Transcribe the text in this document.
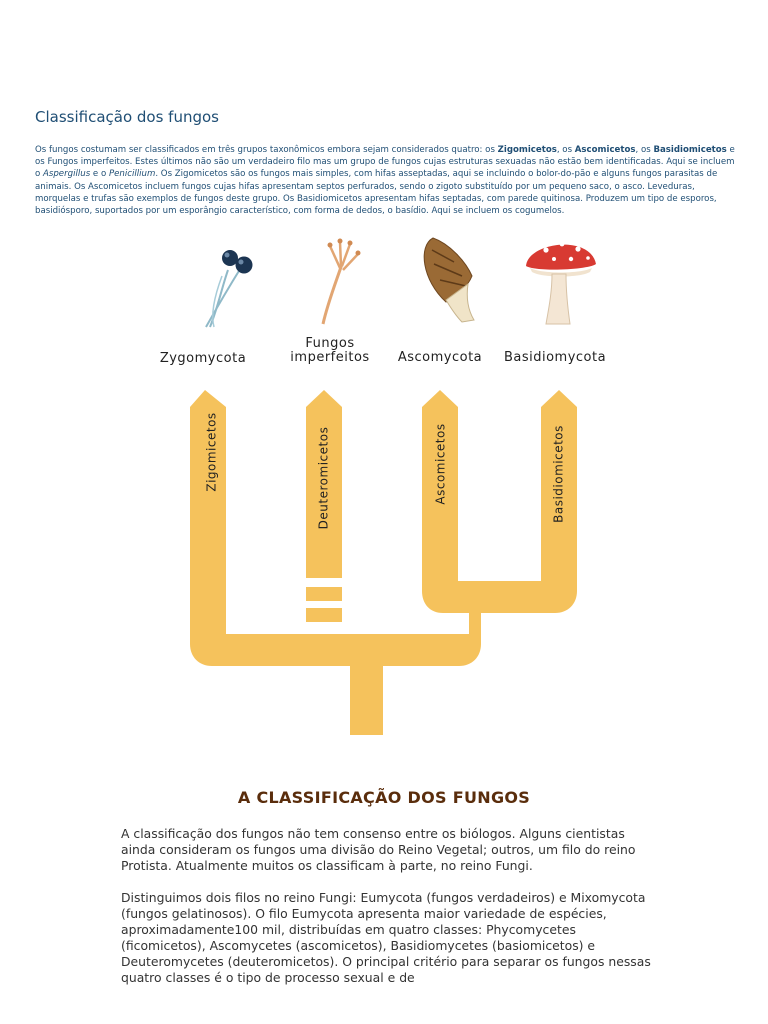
Classificação dos fungos

Os fungos costumam ser classificados em três grupos taxonômicos embora sejam considerados quatro: os Zigomicetos, os Ascomicetos, os Basidiomicetos e os Fungos imperfeitos. Estes últimos não são um verdadeiro filo mas um grupo de fungos cujas estruturas sexuadas não estão bem identificadas. Aqui se incluem o Aspergillus e o Penicillium. Os Zigomicetos são os fungos mais simples, com hifas asseptadas, aqui se incluindo o bolor-do-pão e alguns fungos parasitas de animais. Os Ascomicetos incluem fungos cujas hifas apresentam septos perfurados, sendo o zigoto substituído por um pequeno saco, o asco. Leveduras, morquelas e trufas são exemplos de fungos deste grupo. Os Basidiomicetos apresentam hifas septadas, com parede quitinosa. Produzem um tipo de esporos, basidiósporo, suportados por um esporângio característico, com forma de dedos, o basídio. Aqui se incluem os cogumelos.

Zygomycota
Fungos
imperfeitos Ascomycota Basidiomycota
Zigomicetos	Deuteromicetos	Ascomicetos	Basidiomicetos
A CLASSIFICAÇÃO DOS FUNGOS

A classificação dos fungos não tem consenso entre os biólogos. Alguns cientistas ainda consideram os fungos uma divisão do Reino Vegetal; outros, um filo do reino Protista. Atualmente muitos os classificam à parte, no reino Fungi.

Distinguimos dois filos no reino Fungi: Eumycota (fungos verdadeiros) e Mixomycota (fungos gelatinosos). O filo Eumycota apresenta maior variedade de espécies, aproximadamente100 mil, distribuídas em quatro classes: Phycomycetes (ficomicetos), Ascomycetes (ascomicetos), Basidiomycetes (basiomicetos) e Deuteromycetes (deuteromicetos). O principal critério para separar os fungos nessas quatro classes é o tipo de processo sexual e de
